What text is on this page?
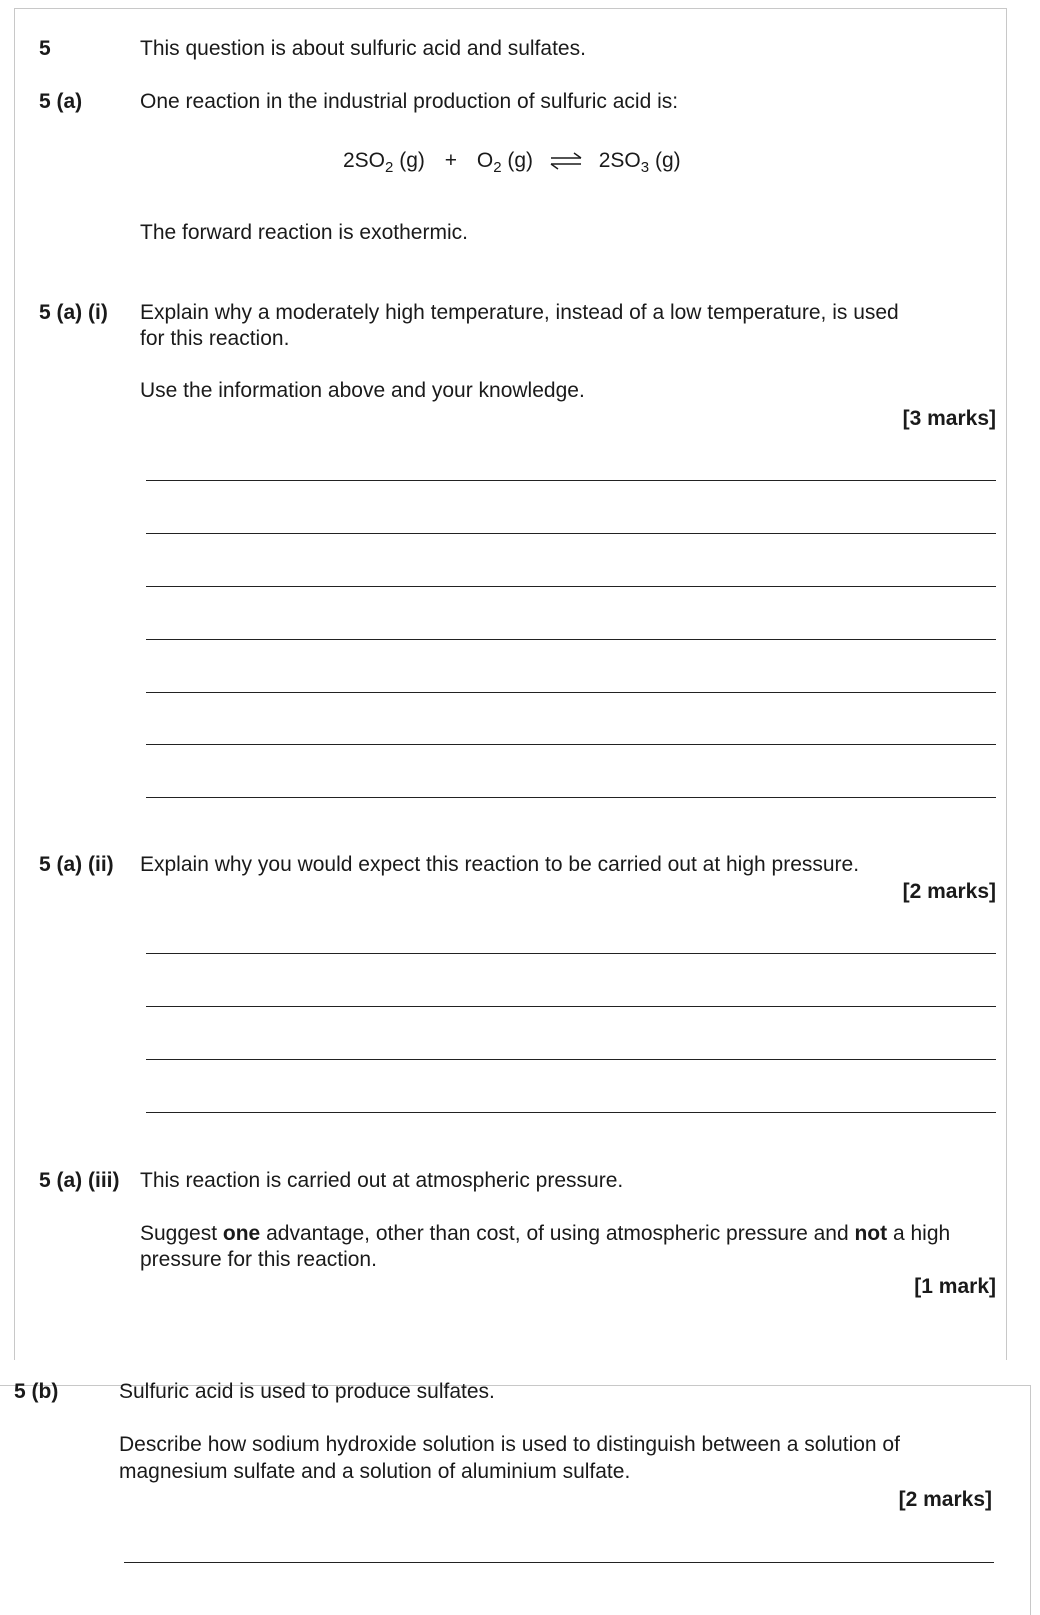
5	This question is about sulfuric acid and sulfates.
5 (a)	One reaction in the industrial production of sulfuric acid is:
$2SO_2$ $(g) + O_2$ (g) ⇌ $2SO_3$ (g)
The forward reaction is exothermic.
5 (a) (i) Explain why a moderately high temperature, instead of a low temperature, is used
for this reaction.
Use the information above and your knowledge.
[3 marks]
5 (a) (ii) Explain why you would expect this reaction to be carried out at high pressure.
[2 marks]
5 (a) (iii) This reaction is carried out at atmospheric pressure.
Suggest one advantage, other than cost, of using atmospheric pressure and not a high
pressure for this reaction.
[1 mark]
5 (b)	Sulfuric acid is used to produce sulfates.
Describe how sodium hydroxide solution is used to distinguish between a solution of
magnesium sulfate and a solution of aluminium sulfate.
[2 marks]
